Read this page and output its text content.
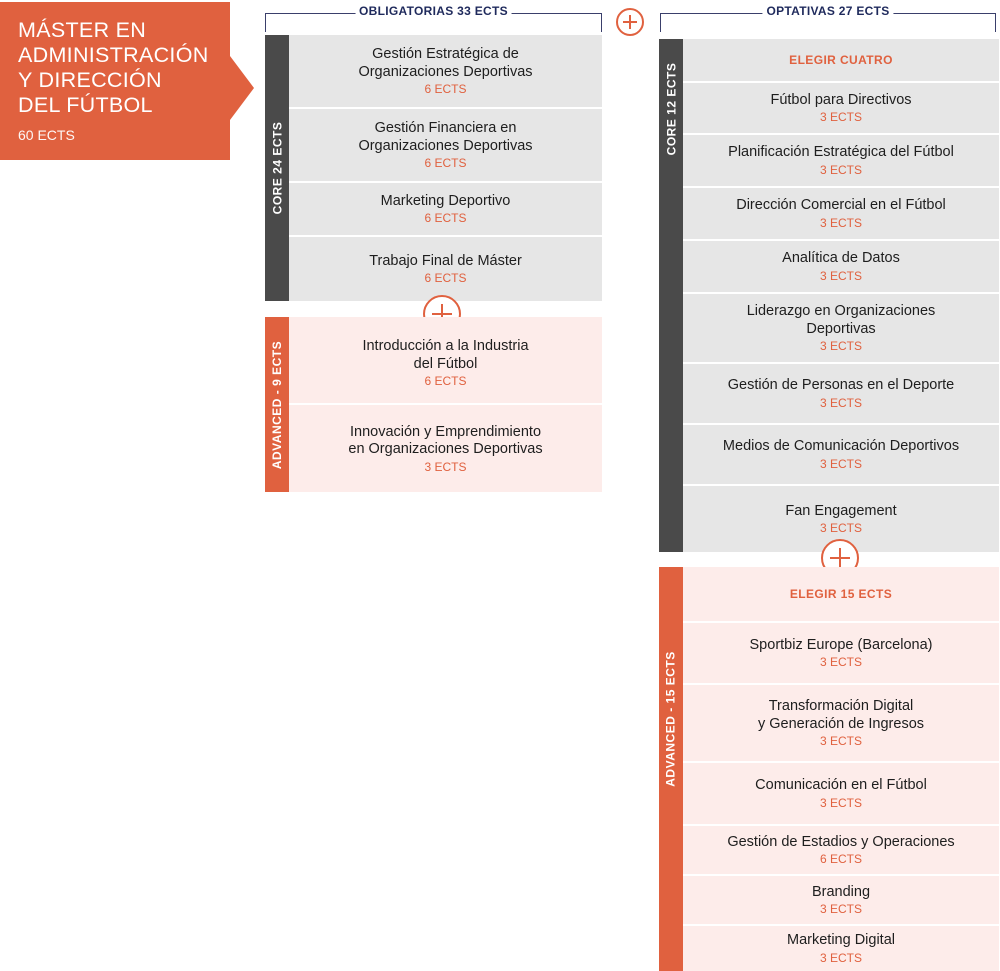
MÁSTER EN
ADMINISTRACIÓN
Y DIRECCIÓN
DEL FÚTBOL
60 ECTS
OBLIGATORIAS 33 ECTS	OPTATIVAS 27 ECTS
CORE 24 ECTS
Gestión Estratégica de
Organizaciones Deportivas
6 ECTS
Gestión Financiera en
Organizaciones Deportivas
6 ECTS
Marketing Deportivo
6 ECTS
Trabajo Final de Máster
6 ECTS
ADVANCED - 9 ECTS	Introducción a la Industria
del Fútbol
6 ECTS
Innovación y Emprendimiento
en Organizaciones Deportivas
3 ECTS
CORE 12 ECTS
ELEGIR CUATRO
Fútbol para Directivos
3 ECTS
Planificación Estratégica del Fútbol
3 ECTS
Dirección Comercial en el Fútbol
3 ECTS
Analítica de Datos
3 ECTS
Liderazgo en Organizaciones
Deportivas
3 ECTS
Gestión de Personas en el Deporte
3 ECTS
Medios de Comunicación Deportivos
3 ECTS
Fan Engagement
3 ECTS
ADVANCED - 15 ECTS
ELEGIR 15 ECTS
Sportbiz Europe (Barcelona)
3 ECTS
Transformación Digital
y Generación de Ingresos
3 ECTS
Comunicación en el Fútbol
3 ECTS
Gestión de Estadios y Operaciones
6 ECTS
Branding
3 ECTS
Marketing Digital
3 ECTS
